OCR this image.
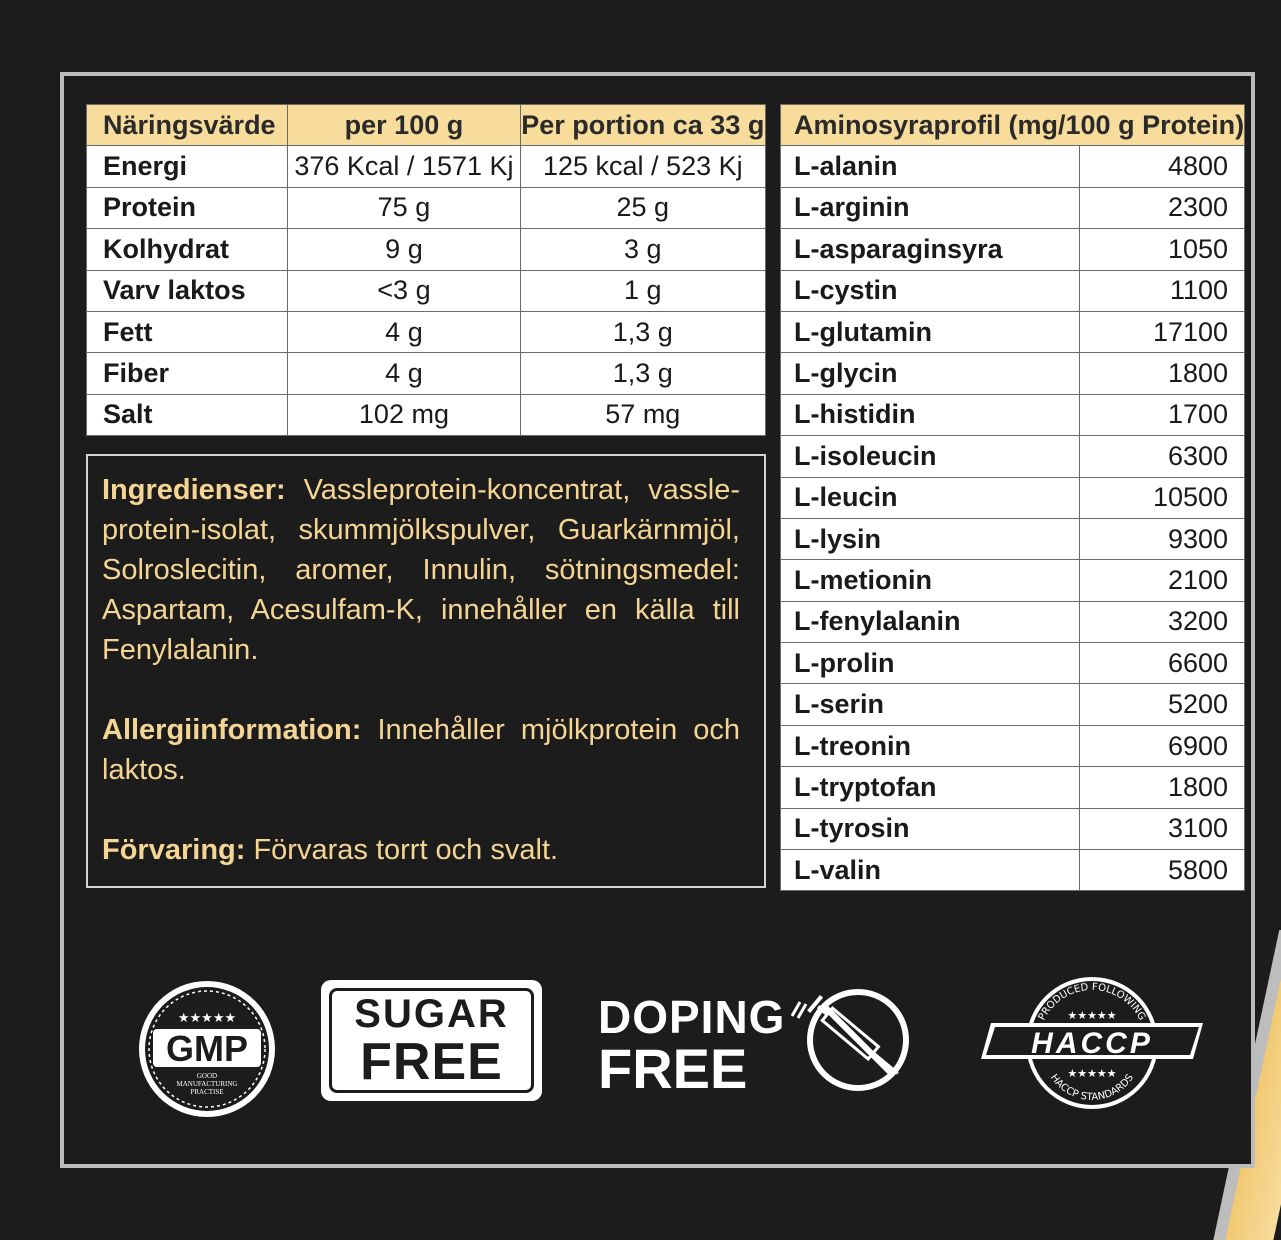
Näringsvärde	per 100 g	Per portion ca 33 g
Energi	376 Kcal / 1571 Kj	125 kcal / 523 Kj
Protein	75 g	25 g
Kolhydrat	9 g	3 g
Varv laktos	<3 g	1 g
Fett	4 g	1,3 g
Fiber	4 g	1,3 g
Salt	102 mg	57 mg
Aminosyraprofil (mg/100 g Protein)	
L-alanin	4800
L-arginin	2300
L-asparaginsyra	1050
L-cystin	1100
L-glutamin	17100
L-glycin	1800
L-histidin	1700
L-isoleucin	6300
L-leucin	10500
L-lysin	9300
L-metionin	2100
L-fenylalanin	3200
L-prolin	6600
L-serin	5200
L-treonin	6900
L-tryptofan	1800
L-tyrosin	3100
L-valin	5800

Ingredienser: Vassleprotein-koncentrat, vassle-protein-isolat, skummjölkspulver, Guarkärnmjöl, Solroslecitin, aromer, Innulin, sötningsmedel: Aspartam, Acesulfam-K, innehåller en källa till Fenylalanin.

Allergiinformation: Innehåller mjölkprotein och laktos.

Förvaring: Förvaras torrt och svalt.

★★★★★
GMP
GOOD
MANUFACTURING
PRACTISE
SUGAR
FREE
DOPING
FREE
PRODUCED FOLLOWING
HACCP STANDARDS
★★★★★
HACCP
★★★★★
